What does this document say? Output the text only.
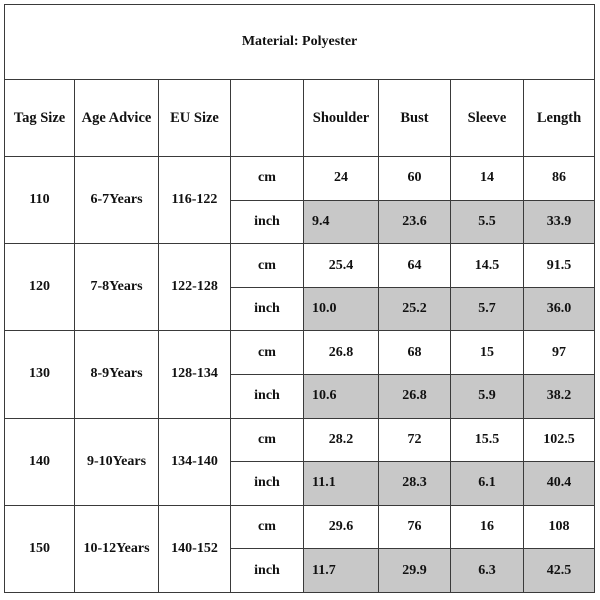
Material: Polyester							
Tag Size	Age Advice	EU Size		Shoulder	Bust	Sleeve	Length
110	6-7Years	116-122	cm	24	60	14	86
			inch	9.4	23.6	5.5	33.9
120	7-8Years	122-128	cm	25.4	64	14.5	91.5
			inch	10.0	25.2	5.7	36.0
130	8-9Years	128-134	cm	26.8	68	15	97
			inch	10.6	26.8	5.9	38.2
140	9-10Years	134-140	cm	28.2	72	15.5	102.5
			inch	11.1	28.3	6.1	40.4
150	10-12Years	140-152	cm	29.6	76	16	108
			inch	11.7	29.9	6.3	42.5
